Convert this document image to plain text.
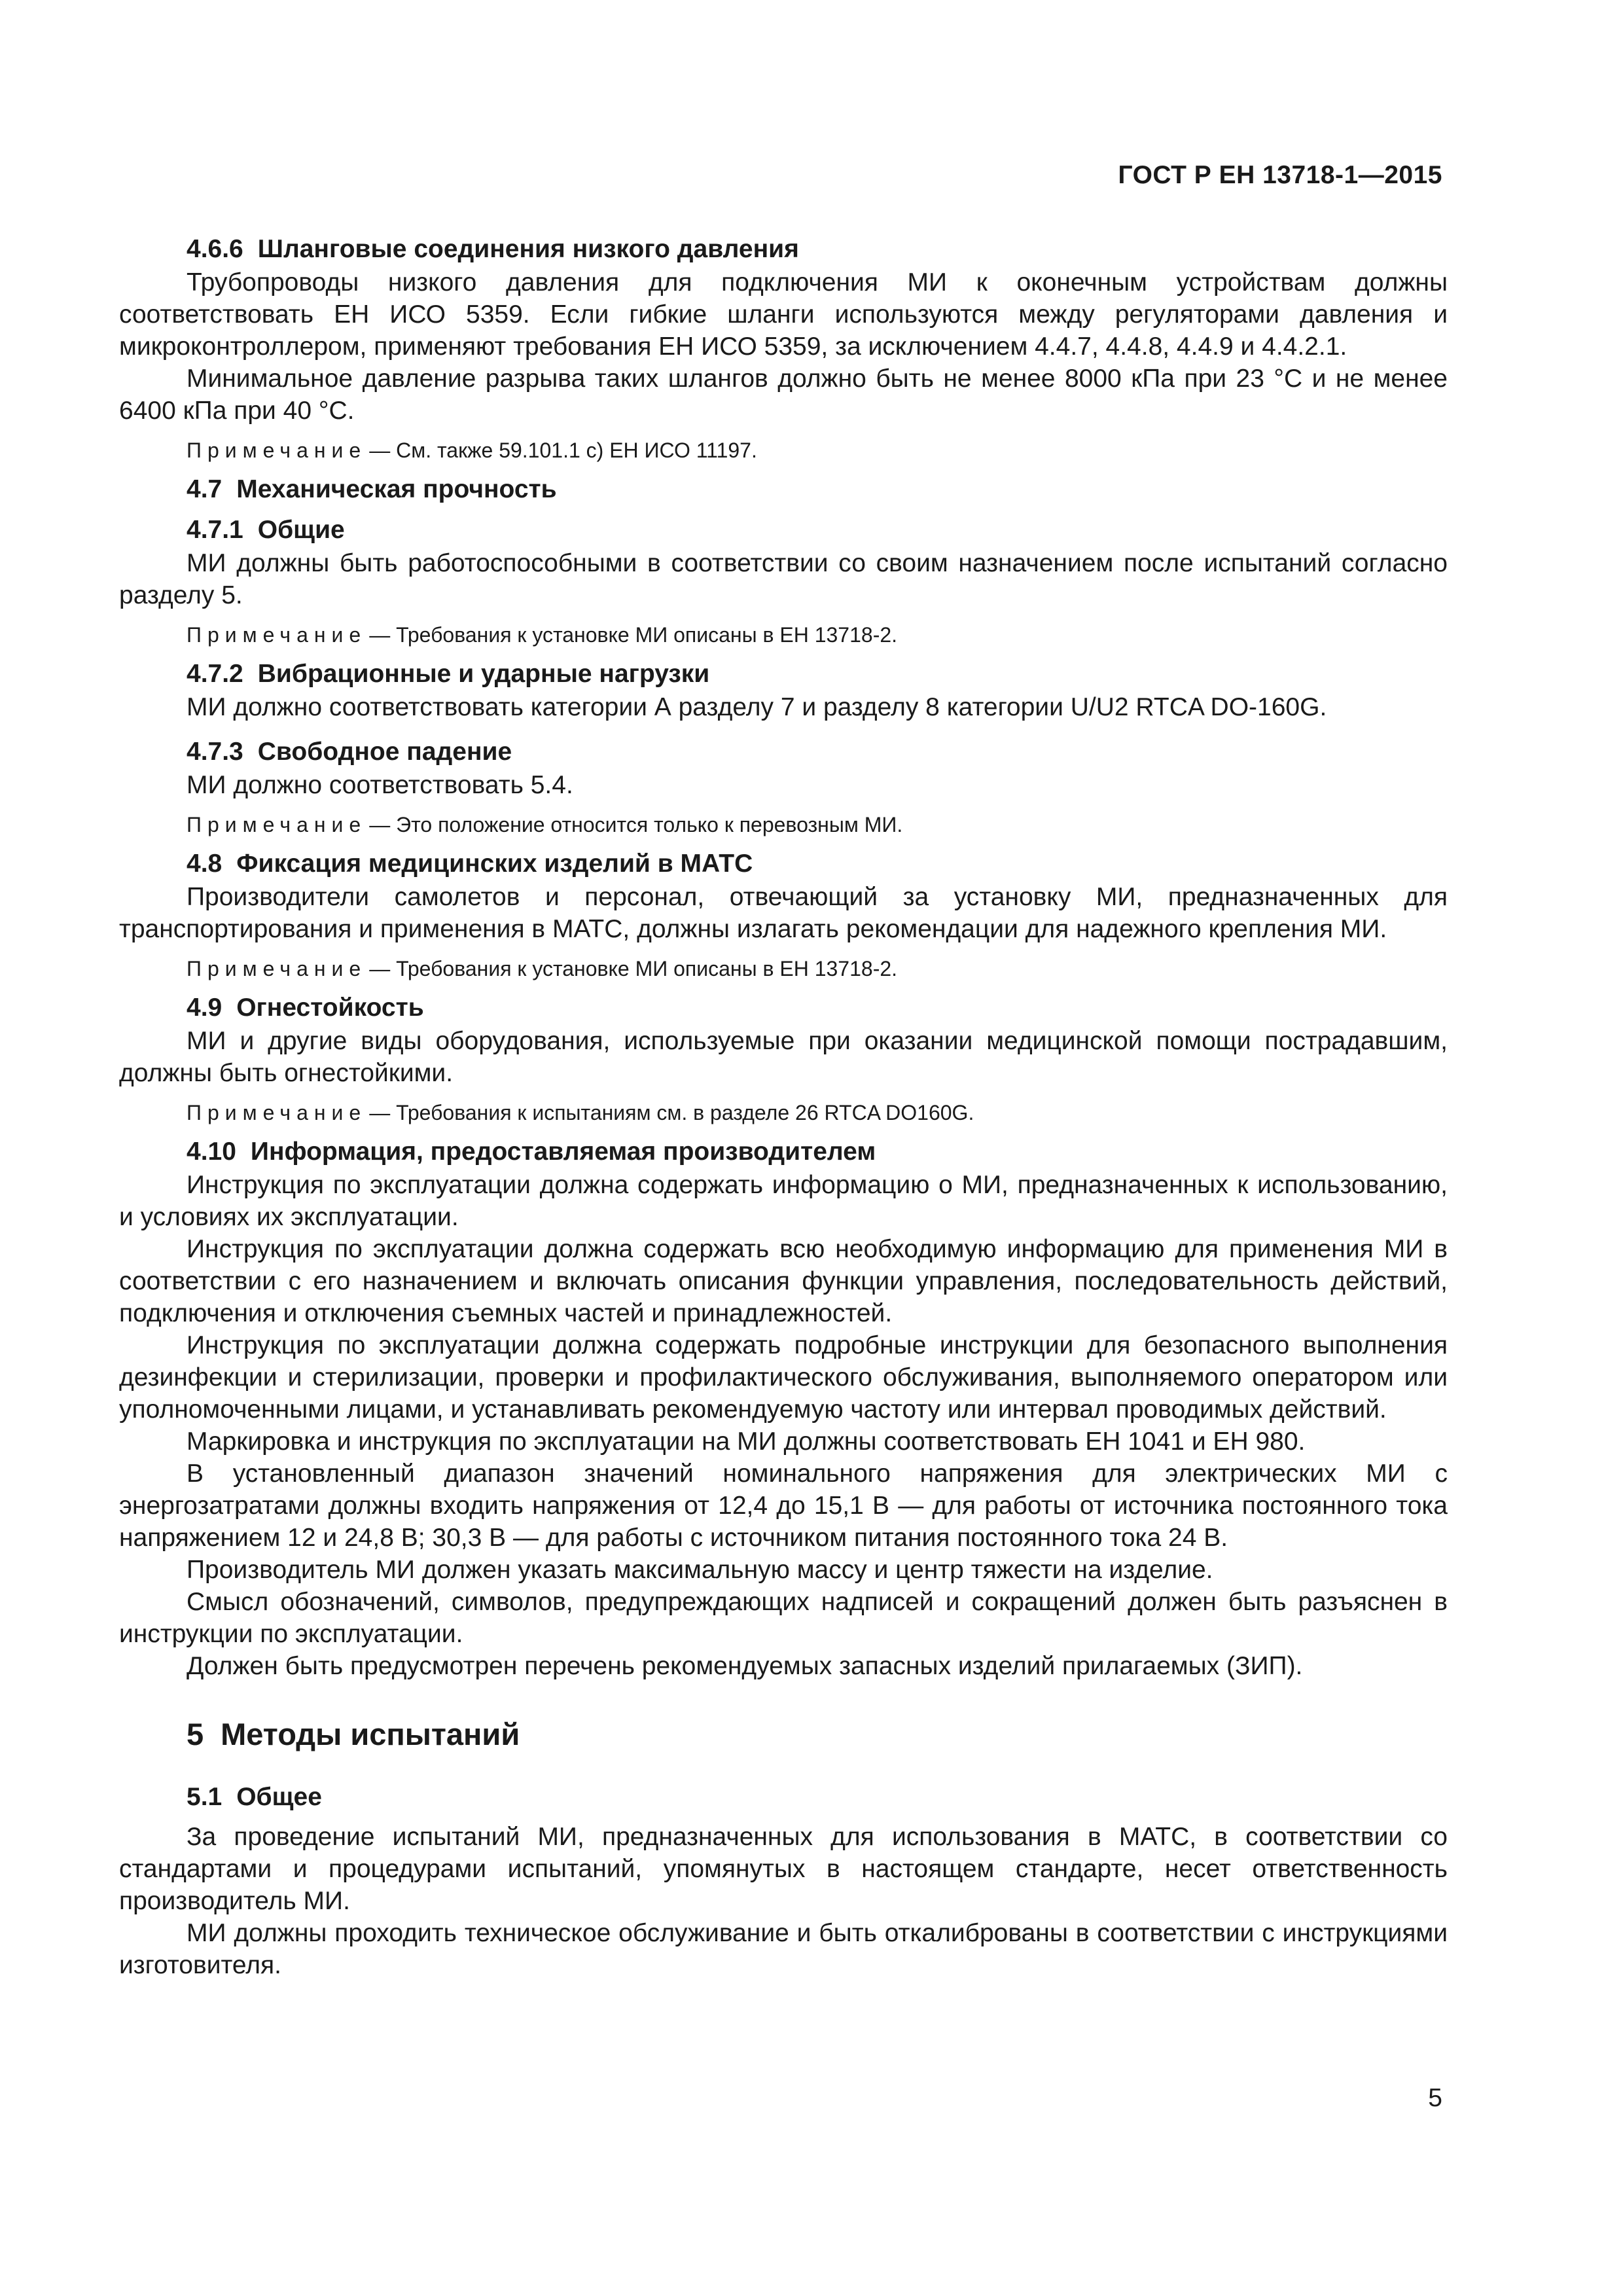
ГОСТ Р ЕН 13718-1—2015

4.6.6 Шланговые соединения низкого давления

Трубопроводы низкого давления для подключения МИ к оконечным устройствам должны соответствовать ЕН ИСО 5359. Если гибкие шланги используются между регуляторами давления и микроконтроллером, применяют требования ЕН ИСО 5359, за исключением 4.4.7, 4.4.8, 4.4.9 и 4.4.2.1.

Минимальное давление разрыва таких шлангов должно быть не менее 8000 кПа при 23 °С и не менее 6400 кПа при 40 °С.

Примечание — См. также 59.101.1 с) ЕН ИСО 11197.

4.7 Механическая прочность

4.7.1 Общие

МИ должны быть работоспособными в соответствии со своим назначением после испытаний согласно разделу 5.

Примечание — Требования к установке МИ описаны в ЕН 13718-2.

4.7.2 Вибрационные и ударные нагрузки

МИ должно соответствовать категории А разделу 7 и разделу 8 категории U/U2 RTCA DO-160G.

4.7.3 Свободное падение

МИ должно соответствовать 5.4.

Примечание — Это положение относится только к перевозным МИ.

4.8 Фиксация медицинских изделий в МАТС

Производители самолетов и персонал, отвечающий за установку МИ, предназначенных для транспортирования и применения в МАТС, должны излагать рекомендации для надежного крепления МИ.

Примечание — Требования к установке МИ описаны в ЕН 13718-2.

4.9 Огнестойкость

МИ и другие виды оборудования, используемые при оказании медицинской помощи пострадавшим, должны быть огнестойкими.

Примечание — Требования к испытаниям см. в разделе 26 RTCA DO160G.

4.10 Информация, предоставляемая производителем

Инструкция по эксплуатации должна содержать информацию о МИ, предназначенных к использованию, и условиях их эксплуатации.

Инструкция по эксплуатации должна содержать всю необходимую информацию для применения МИ в соответствии с его назначением и включать описания функции управления, последовательность действий, подключения и отключения съемных частей и принадлежностей.

Инструкция по эксплуатации должна содержать подробные инструкции для безопасного выполнения дезинфекции и стерилизации, проверки и профилактического обслуживания, выполняемого оператором или уполномоченными лицами, и устанавливать рекомендуемую частоту или интервал проводимых действий.

Маркировка и инструкция по эксплуатации на МИ должны соответствовать ЕН 1041 и ЕН 980.

В установленный диапазон значений номинального напряжения для электрических МИ с энергозатратами должны входить напряжения от 12,4 до 15,1 В — для работы от источника постоянного тока напряжением 12 и 24,8 В; 30,3 В — для работы с источником питания постоянного тока 24 В.

Производитель МИ должен указать максимальную массу и центр тяжести на изделие.

Смысл обозначений, символов, предупреждающих надписей и сокращений должен быть разъяснен в инструкции по эксплуатации.

Должен быть предусмотрен перечень рекомендуемых запасных изделий прилагаемых (ЗИП).

5 Методы испытаний

5.1 Общее

За проведение испытаний МИ, предназначенных для использования в МАТС, в соответствии со стандартами и процедурами испытаний, упомянутых в настоящем стандарте, несет ответственность производитель МИ.

МИ должны проходить техническое обслуживание и быть откалиброваны в соответствии с инструкциями изготовителя.

5
